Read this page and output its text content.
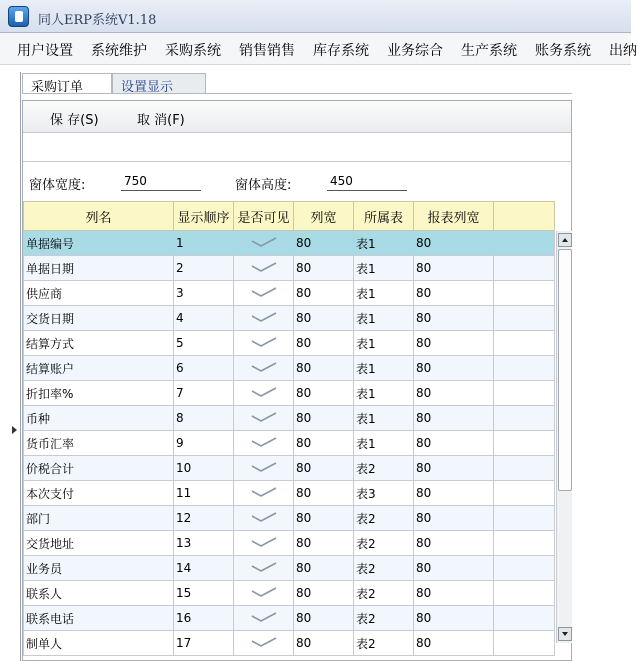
同人ERP系统V1.18
用户设置 系统维护 采购系统 销售销售 库存系统 业务综合 生产系统 账务系统 出纳
采购订单	设置显示
保 存(S)	取 消(F)
窗体宽度:
750	窗体高度:
450
列名	显示顺序	是否可见	列宽	所属表	报表列宽	
单据编号	1		80	表1	80	
单据日期	2		80	表1	80	
供应商	3		80	表1	80	
交货日期	4		80	表1	80	
结算方式	5		80	表1	80	
结算账户	6		80	表1	80	
折扣率%	7		80	表1	80	
币种	8		80	表1	80	
货币汇率	9		80	表1	80	
价税合计	10		80	表2	80	
本次支付	11		80	表3	80	
部门	12		80	表2	80	
交货地址	13		80	表2	80	
业务员	14		80	表2	80	
联系人	15		80	表2	80	
联系电话	16		80	表2	80	
制单人	17		80	表2	80	
